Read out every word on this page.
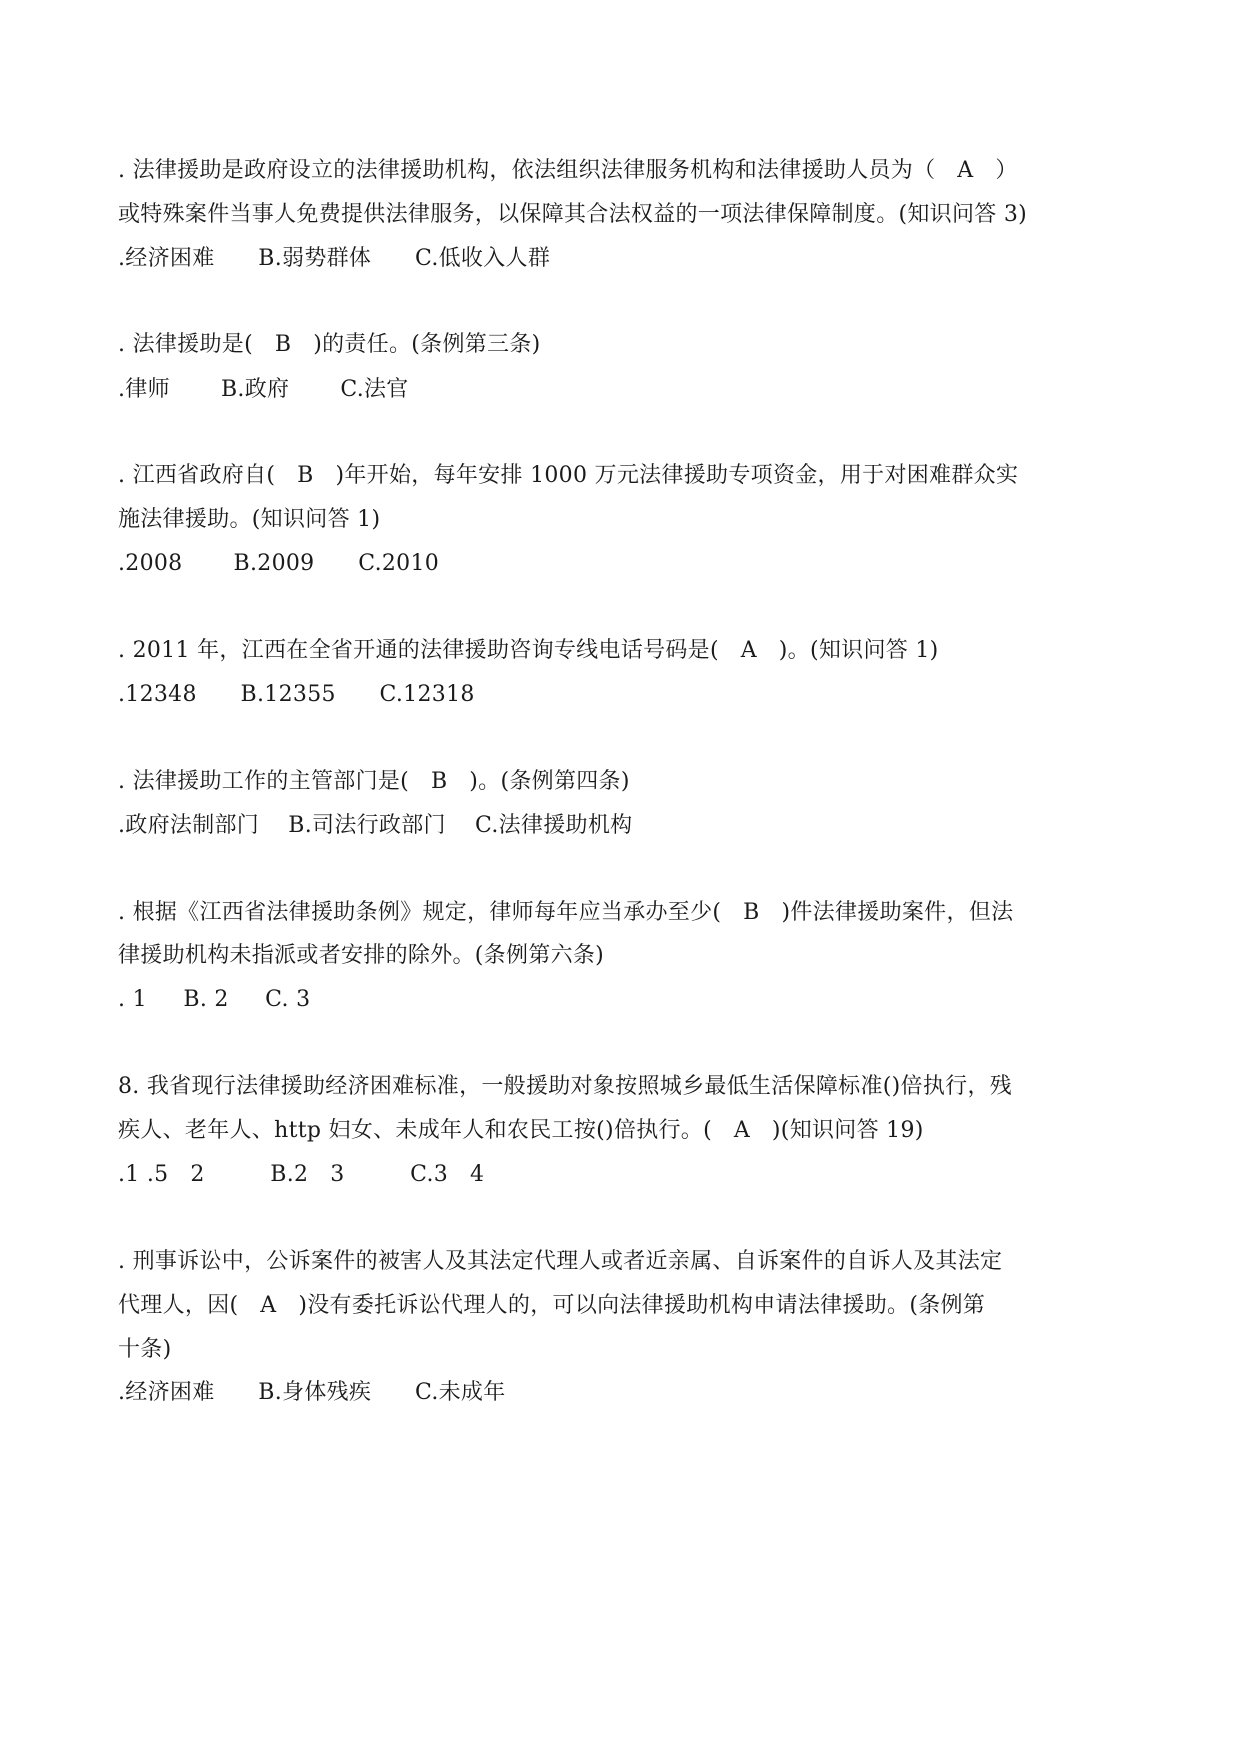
. 法律援助是政府设立的法律援助机构，依法组织法律服务机构和法律援助人员为（   A   ）
或特殊案件当事人免费提供法律服务，以保障其合法权益的一项法律保障制度。(知识问答 3)
.经济困难      B.弱势群体      C.低收入人群
. 法律援助是(   B   )的责任。(条例第三条)
.律师       B.政府       C.法官
. 江西省政府自(   B   )年开始，每年安排 1000 万元法律援助专项资金，用于对困难群众实
施法律援助。(知识问答 1)
.2008       B.2009      C.2010
. 2011 年，江西在全省开通的法律援助咨询专线电话号码是(   A   )。(知识问答 1)
.12348      B.12355      C.12318
. 法律援助工作的主管部门是(   B   )。(条例第四条)
.政府法制部门    B.司法行政部门    C.法律援助机构
. 根据《江西省法律援助条例》规定，律师每年应当承办至少(   B   )件法律援助案件，但法
律援助机构未指派或者安排的除外。(条例第六条)
. 1     B. 2     C. 3
8. 我省现行法律援助经济困难标准，一般援助对象按照城乡最低生活保障标准()倍执行，残
疾人、老年人、http 妇女、未成年人和农民工按()倍执行。(   A   )(知识问答 19)
.1 .5   2         B.2   3         C.3   4
. 刑事诉讼中，公诉案件的被害人及其法定代理人或者近亲属、自诉案件的自诉人及其法定
代理人，因(   A   )没有委托诉讼代理人的，可以向法律援助机构申请法律援助。(条例第
十条)
.经济困难      B.身体残疾      C.未成年
